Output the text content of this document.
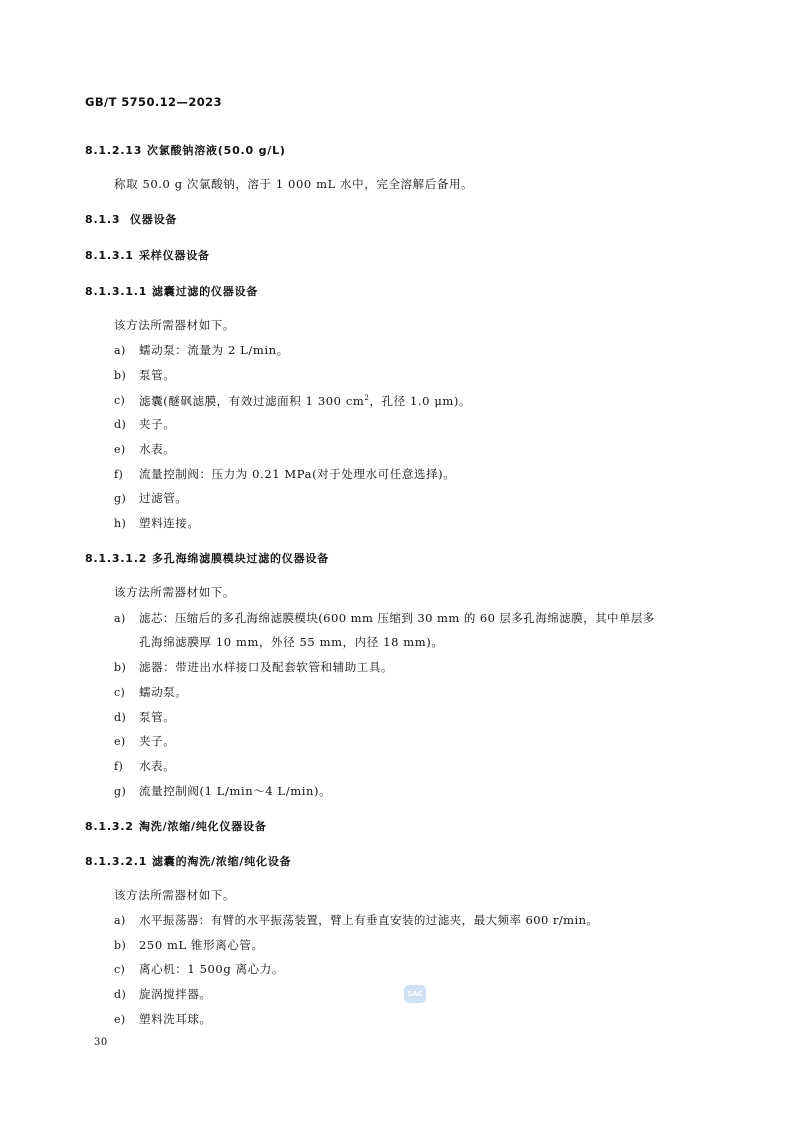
GB/T 5750.12—2023
8.1.2.13 次氯酸钠溶液(50.0 g/L)
称取 50.0 g 次氯酸钠，溶于 1 000 mL 水中，完全溶解后备用。
8.1.3 仪器设备
8.1.3.1 采样仪器设备
8.1.3.1.1 滤囊过滤的仪器设备
该方法所需器材如下。
a) 蠕动泵：流量为 2 L/min。
b) 泵管。
c) 滤囊(醚砜滤膜，有效过滤面积 1 300 $cm^2$，孔径 1.0 μm)。
d) 夹子。
e) 水表。
f) 流量控制阀：压力为 0.21 MPa(对于处理水可任意选择)。
g) 过滤管。
h) 塑料连接。
8.1.3.1.2 多孔海绵滤膜模块过滤的仪器设备
该方法所需器材如下。
a) 滤芯：压缩后的多孔海绵滤膜模块(600 mm 压缩到 30 mm 的 60 层多孔海绵滤膜，其中单层多
孔海绵滤膜厚 10 mm，外径 55 mm，内径 18 mm)。
b) 滤器：带进出水样接口及配套软管和辅助工具。
c) 蠕动泵。
d) 泵管。
e) 夹子。
f) 水表。
g) 流量控制阀(1 L/min～4 L/min)。
8.1.3.2 淘洗/浓缩/纯化仪器设备
8.1.3.2.1 滤囊的淘洗/浓缩/纯化设备
该方法所需器材如下。
a) 水平振荡器：有臂的水平振荡装置，臂上有垂直安装的过滤夹，最大频率 600 r/min。
b) 250 mL 锥形离心管。
c) 离心机：1 500g 离心力。
d) 旋涡搅拌器。
e) 塑料洗耳球。
SAC
30
